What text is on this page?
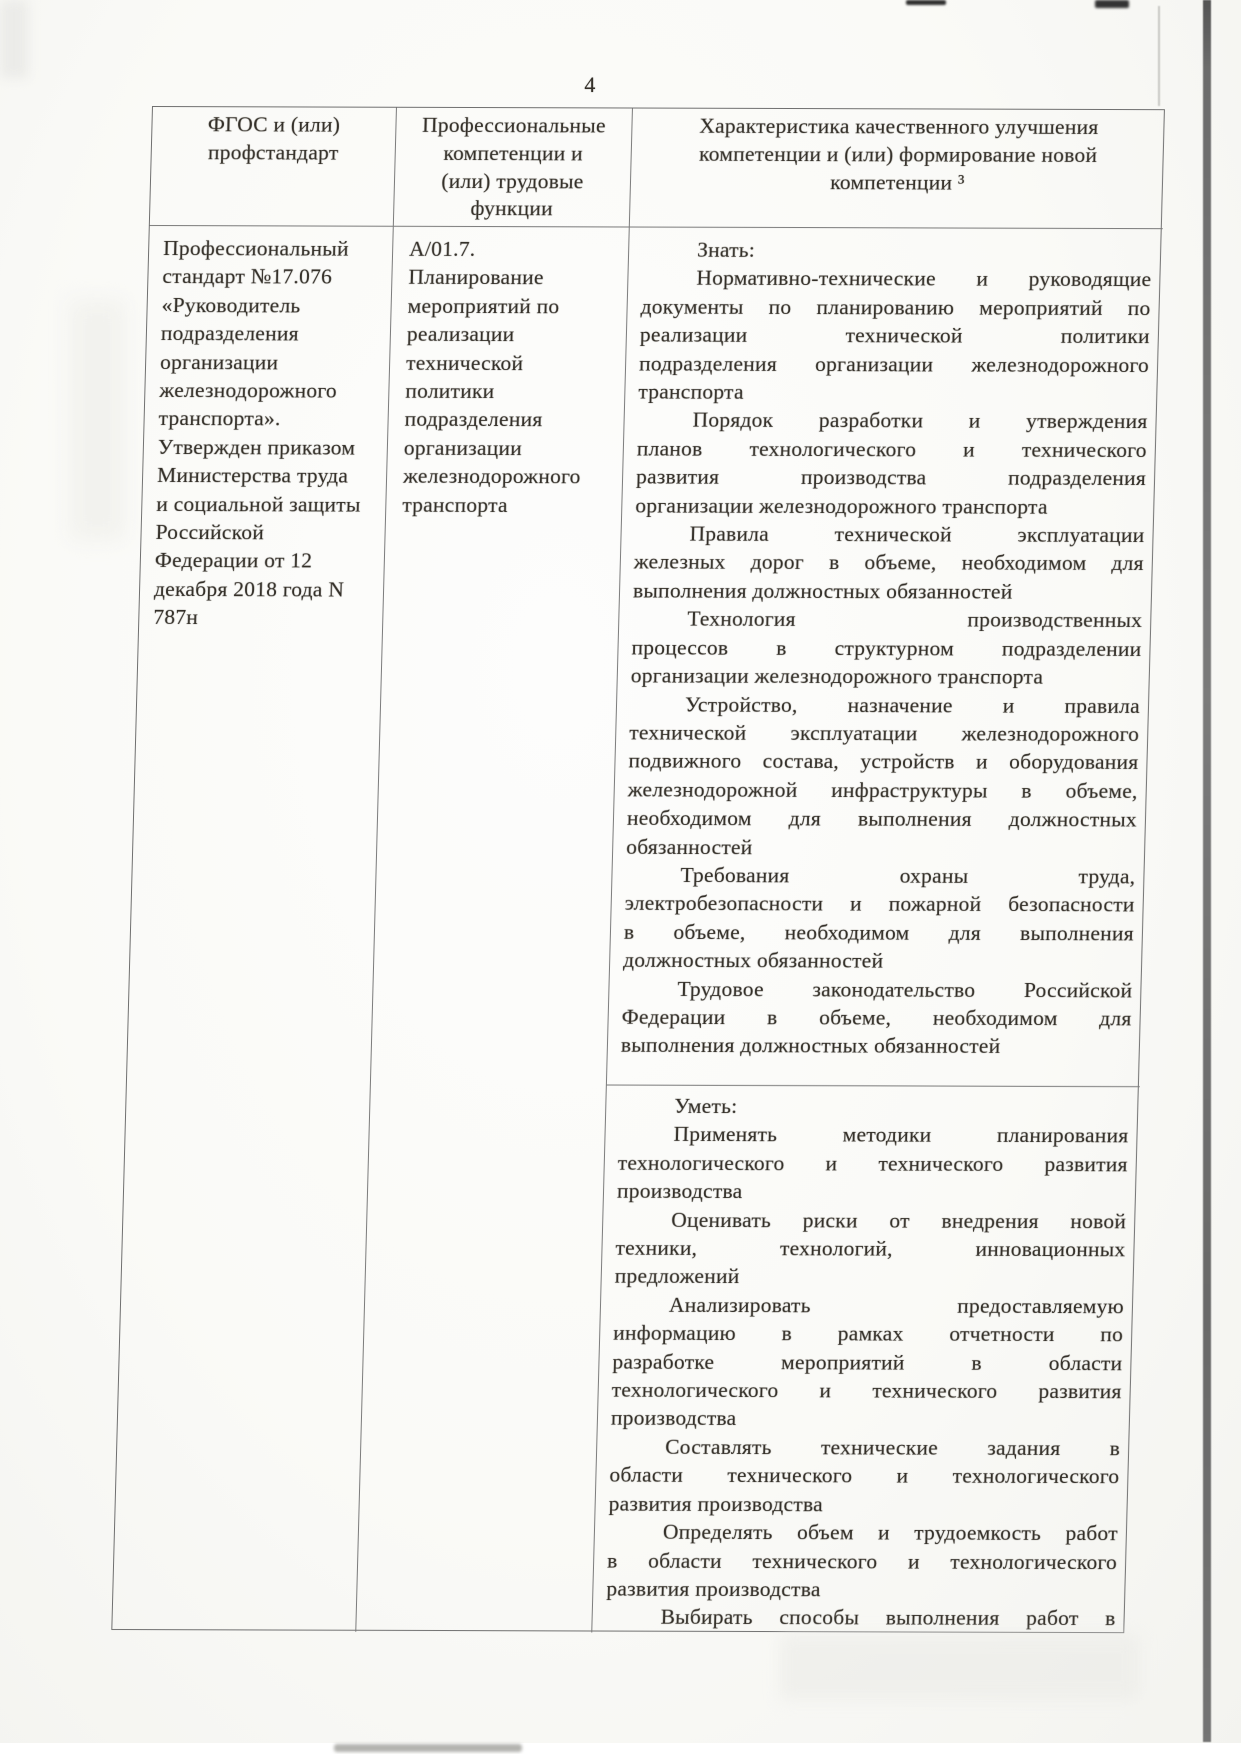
4
ФГОС и (или)
профстандарт
Профессиональные
компетенции и
(или) трудовые
функции
Характеристика качественного улучшения
компетенции и (или) формирование новой
компетенции ³
Профессиональный
стандарт №17.076
«Руководитель
подразделения
организации
железнодорожного
транспорта».
Утвержден приказом
Министерства труда
и социальной защиты
Российской
Федерации от 12
декабря 2018 года N
787н
А/01.7.
Планирование
мероприятий по
реализации
технической
политики
подразделения
организации
железнодорожного
транспорта
Знать:
Нормативно-технические и руководящие
документы по планированию мероприятий по
реализации технической политики
подразделения организации железнодорожного
транспорта
Порядок разработки и утверждения
планов технологического и технического
развития производства подразделения
организации железнодорожного транспорта
Правила технической эксплуатации
железных дорог в объеме, необходимом для
выполнения должностных обязанностей
Технология производственных
процессов в структурном подразделении
организации железнодорожного транспорта
Устройство, назначение и правила
технической эксплуатации железнодорожного
подвижного состава, устройств и оборудования
железнодорожной инфраструктуры в объеме,
необходимом для выполнения должностных
обязанностей
Требования охраны труда,
электробезопасности и пожарной безопасности
в объеме, необходимом для выполнения
должностных обязанностей
Трудовое законодательство Российской
Федерации в объеме, необходимом для
выполнения должностных обязанностей
Уметь:
Применять методики планирования
технологического и технического развития
производства
Оценивать риски от внедрения новой
техники, технологий, инновационных
предложений
Анализировать предоставляемую
информацию в рамках отчетности по
разработке мероприятий в области
технологического и технического развития
производства
Составлять технические задания в
области технического и технологического
развития производства
Определять объем и трудоемкость работ
в области технического и технологического
развития производства
Выбирать способы выполнения работ в
